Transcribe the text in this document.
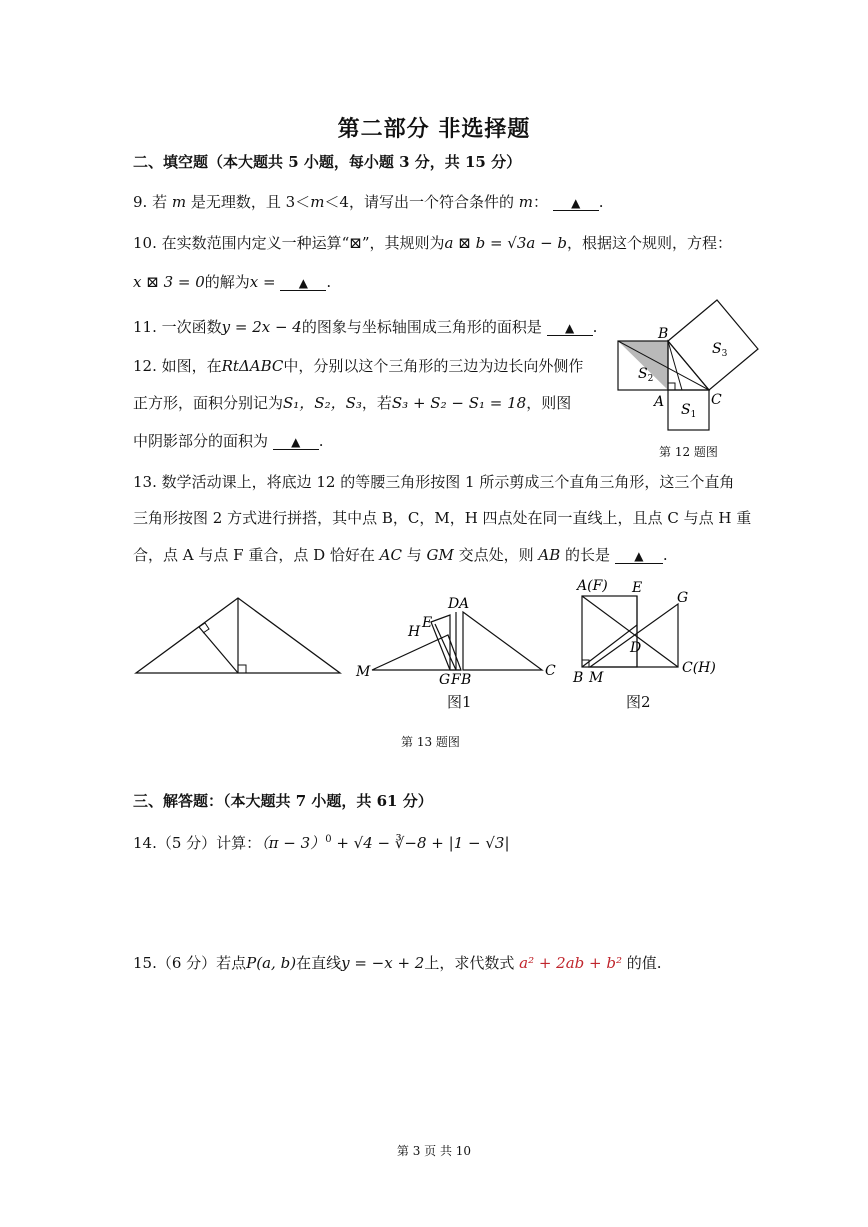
第二部分 非选择题
二、填空题（本大题共 5 小题，每小题 3 分，共 15 分）
9. 若 m 是无理数，且 3＜m＜4，请写出一个符合条件的 m： ▲ .
10. 在实数范围内定义一种运算“⊠”，其规则为a ⊠ b = √3a − b，根据这个规则，方程：
x ⊠ 3 = 0的解为x = ▲ .
11. 一次函数y = 2x − 4的图象与坐标轴围成三角形的面积是 ▲ .
12. 如图，在RtΔABC中，分别以这个三角形的三边为边长向外侧作
正方形，面积分别记为S₁，S₂，S₃，若S₃ + S₂ − S₁ = 18，则图
中阴影部分的面积为 ▲ .
B
A	C
$S_2$
$S_1$
$S_3$
第 12 题图
13. 数学活动课上，将底边 12 的等腰三角形按图 1 所示剪成三个直角三角形，这三个直角
三角形按图 2 方式进行拼搭，其中点 B，C，M，H 四点处在同一直线上，且点 C 与点 H 重
合，点 A 与点 F 重合，点 D 恰好在 AC 与 GM 交点处，则 AB 的长是 ▲ .
D A
H
E
M	G F B
C
图1
A(F) E
G
D
B M
C(H)
图2
第 13 题图
三、解答题：（本大题共 7 小题，共 61 分）
14.（5 分）计算：$(\pi - 3)^0 + √4$ − ∛−8 + |1 − √3|
15.（6 分）若点P(a, b)在直线y = −x + 2上，求代数式 a² + 2ab + b² 的值.
第 3 页 共 10
